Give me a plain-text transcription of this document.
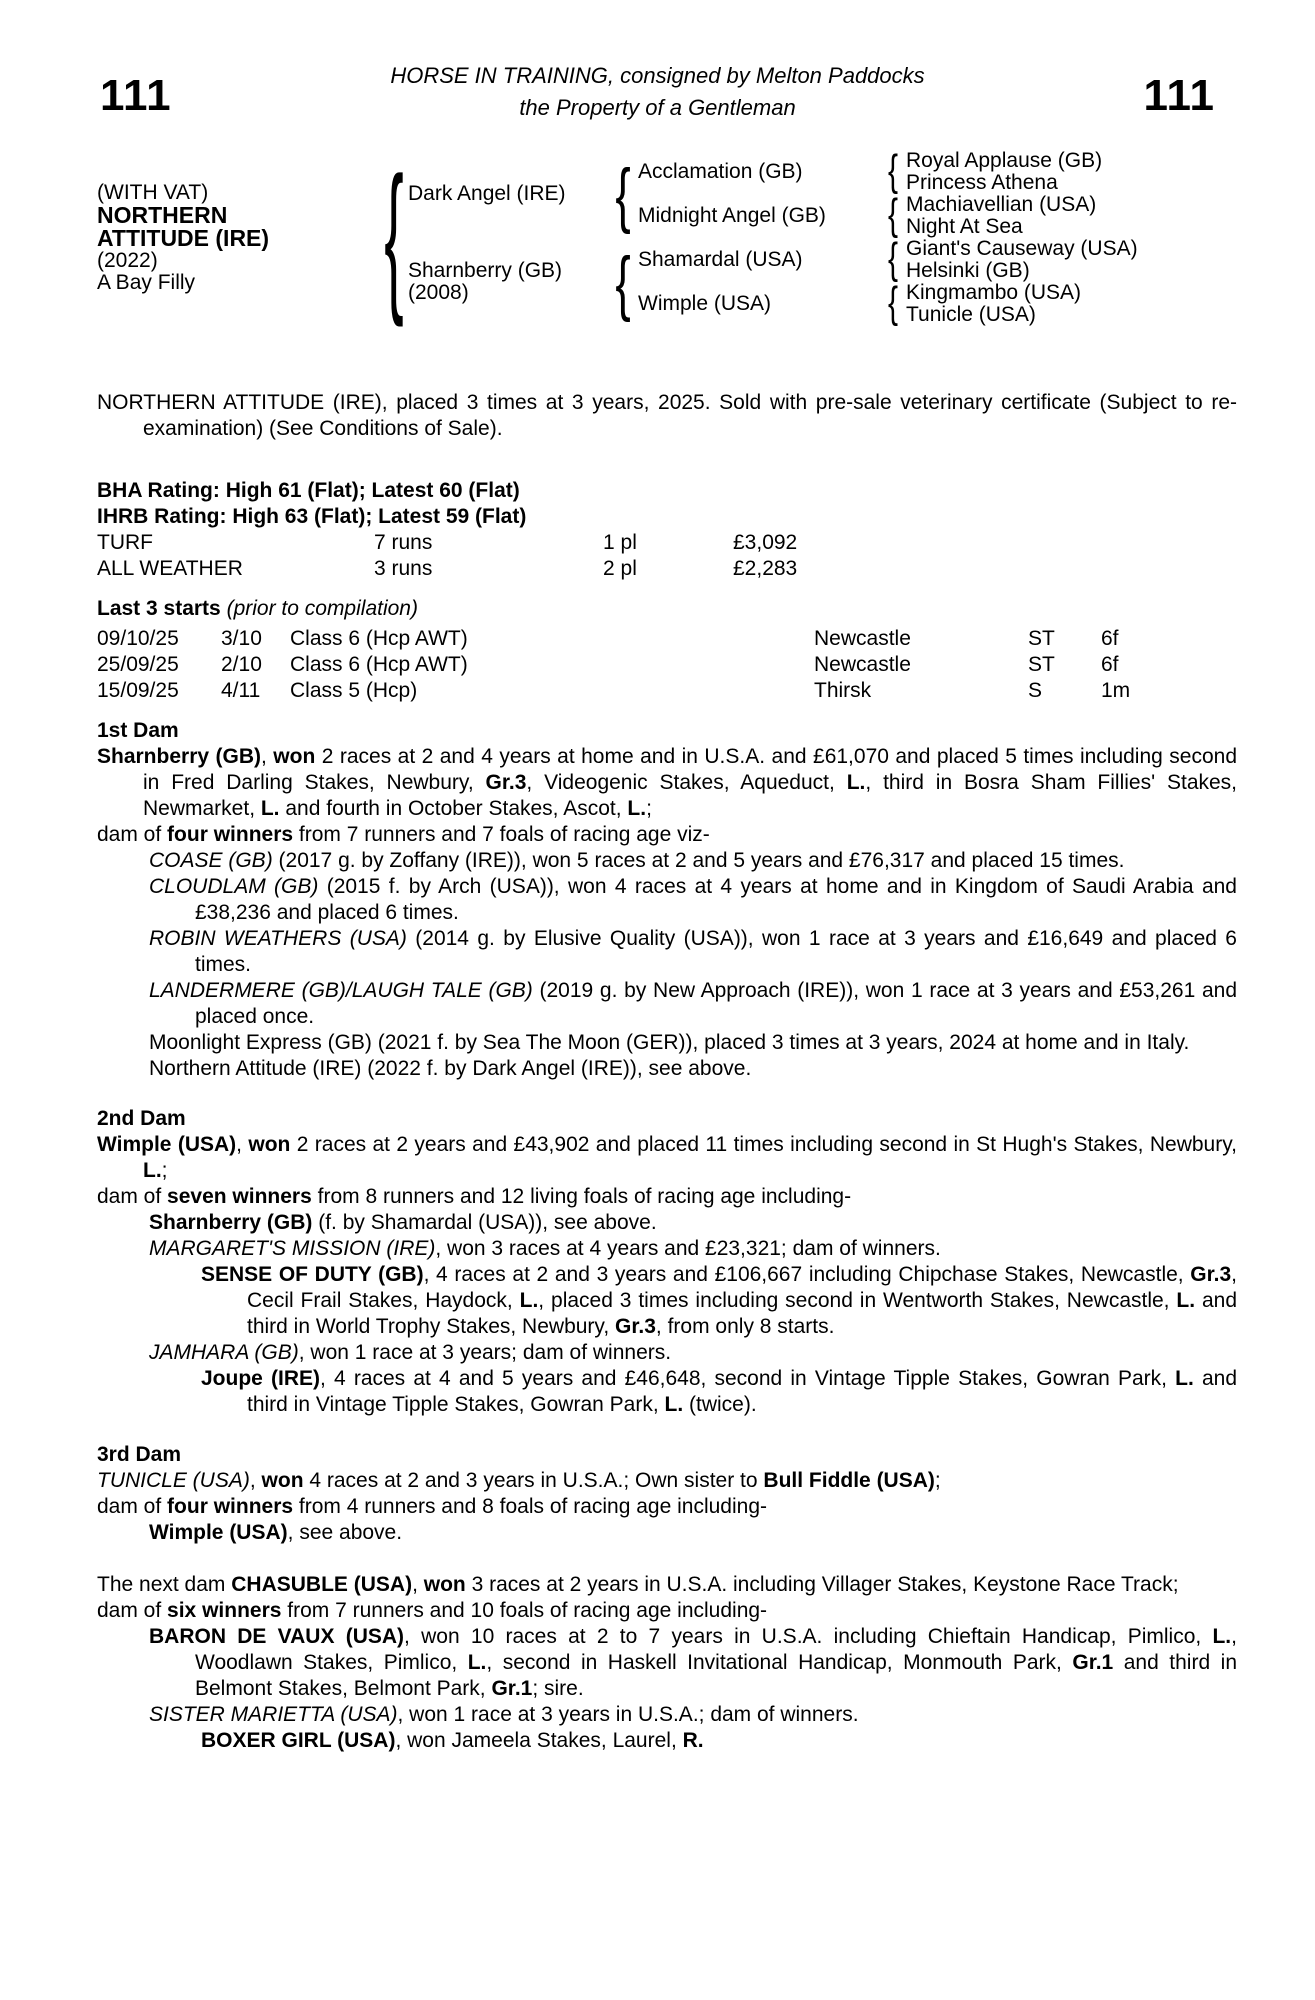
111	HORSE IN TRAINING, consigned by Melton Paddocks
the Property of a Gentleman	111
(WITH VAT)
NORTHERN
ATTITUDE (IRE)
(2022)
A Bay Filly	{ Dark Angel (IRE)
Sharnberry (GB)
(2008)
{
{
Acclamation (GB)
Midnight Angel (GB)
Shamardal (USA)
Wimple (USA)
{
{
{
{
Royal Applause (GB)
Princess Athena
Machiavellian (USA)
Night At Sea
Giant's Causeway (USA)
Helsinki (GB)
Kingmambo (USA)
Tunicle (USA)
NORTHERN ATTITUDE (IRE), placed 3 times at 3 years, 2025. Sold with pre-sale veterinary certificate (Subject to re-examination) (See Conditions of Sale).
BHA Rating: High 61 (Flat); Latest 60 (Flat)
IHRB Rating: High 63 (Flat); Latest 59 (Flat)
TURF	7 runs	1 pl	£3,092
ALL WEATHER	3 runs	2 pl	£2,283
Last 3 starts (prior to compilation)
09/10/25	3/10	Class 6 (Hcp AWT)	Newcastle	ST	6f
25/09/25	2/10	Class 6 (Hcp AWT)	Newcastle	ST	6f
15/09/25	4/11	Class 5 (Hcp)	Thirsk	S	1m
1st Dam
Sharnberry (GB), won 2 races at 2 and 4 years at home and in U.S.A. and £61,070 and placed 5 times including second in Fred Darling Stakes, Newbury, Gr.3, Videogenic Stakes, Aqueduct, L., third in Bosra Sham Fillies' Stakes, Newmarket, L. and fourth in October Stakes, Ascot, L.;
dam of four winners from 7 runners and 7 foals of racing age viz-
COASE (GB) (2017 g. by Zoffany (IRE)), won 5 races at 2 and 5 years and £76,317 and placed 15 times.
CLOUDLAM (GB) (2015 f. by Arch (USA)), won 4 races at 4 years at home and in Kingdom of Saudi Arabia and £38,236 and placed 6 times.
ROBIN WEATHERS (USA) (2014 g. by Elusive Quality (USA)), won 1 race at 3 years and £16,649 and placed 6 times.
LANDERMERE (GB)/LAUGH TALE (GB) (2019 g. by New Approach (IRE)), won 1 race at 3 years and £53,261 and placed once.
Moonlight Express (GB) (2021 f. by Sea The Moon (GER)), placed 3 times at 3 years, 2024 at home and in Italy.
Northern Attitude (IRE) (2022 f. by Dark Angel (IRE)), see above.
2nd Dam
Wimple (USA), won 2 races at 2 years and £43,902 and placed 11 times including second in St Hugh's Stakes, Newbury, L.;
dam of seven winners from 8 runners and 12 living foals of racing age including-
Sharnberry (GB) (f. by Shamardal (USA)), see above.
MARGARET'S MISSION (IRE), won 3 races at 4 years and £23,321; dam of winners.
SENSE OF DUTY (GB), 4 races at 2 and 3 years and £106,667 including Chipchase Stakes, Newcastle, Gr.3, Cecil Frail Stakes, Haydock, L., placed 3 times including second in Wentworth Stakes, Newcastle, L. and third in World Trophy Stakes, Newbury, Gr.3, from only 8 starts.
JAMHARA (GB), won 1 race at 3 years; dam of winners.
Joupe (IRE), 4 races at 4 and 5 years and £46,648, second in Vintage Tipple Stakes, Gowran Park, L. and third in Vintage Tipple Stakes, Gowran Park, L. (twice).
3rd Dam
TUNICLE (USA), won 4 races at 2 and 3 years in U.S.A.; Own sister to Bull Fiddle (USA);
dam of four winners from 4 runners and 8 foals of racing age including-
Wimple (USA), see above.
The next dam CHASUBLE (USA), won 3 races at 2 years in U.S.A. including Villager Stakes, Keystone Race Track;
dam of six winners from 7 runners and 10 foals of racing age including-
BARON DE VAUX (USA), won 10 races at 2 to 7 years in U.S.A. including Chieftain Handicap, Pimlico, L., Woodlawn Stakes, Pimlico, L., second in Haskell Invitational Handicap, Monmouth Park, Gr.1 and third in Belmont Stakes, Belmont Park, Gr.1; sire.
SISTER MARIETTA (USA), won 1 race at 3 years in U.S.A.; dam of winners.
BOXER GIRL (USA), won Jameela Stakes, Laurel, R.
